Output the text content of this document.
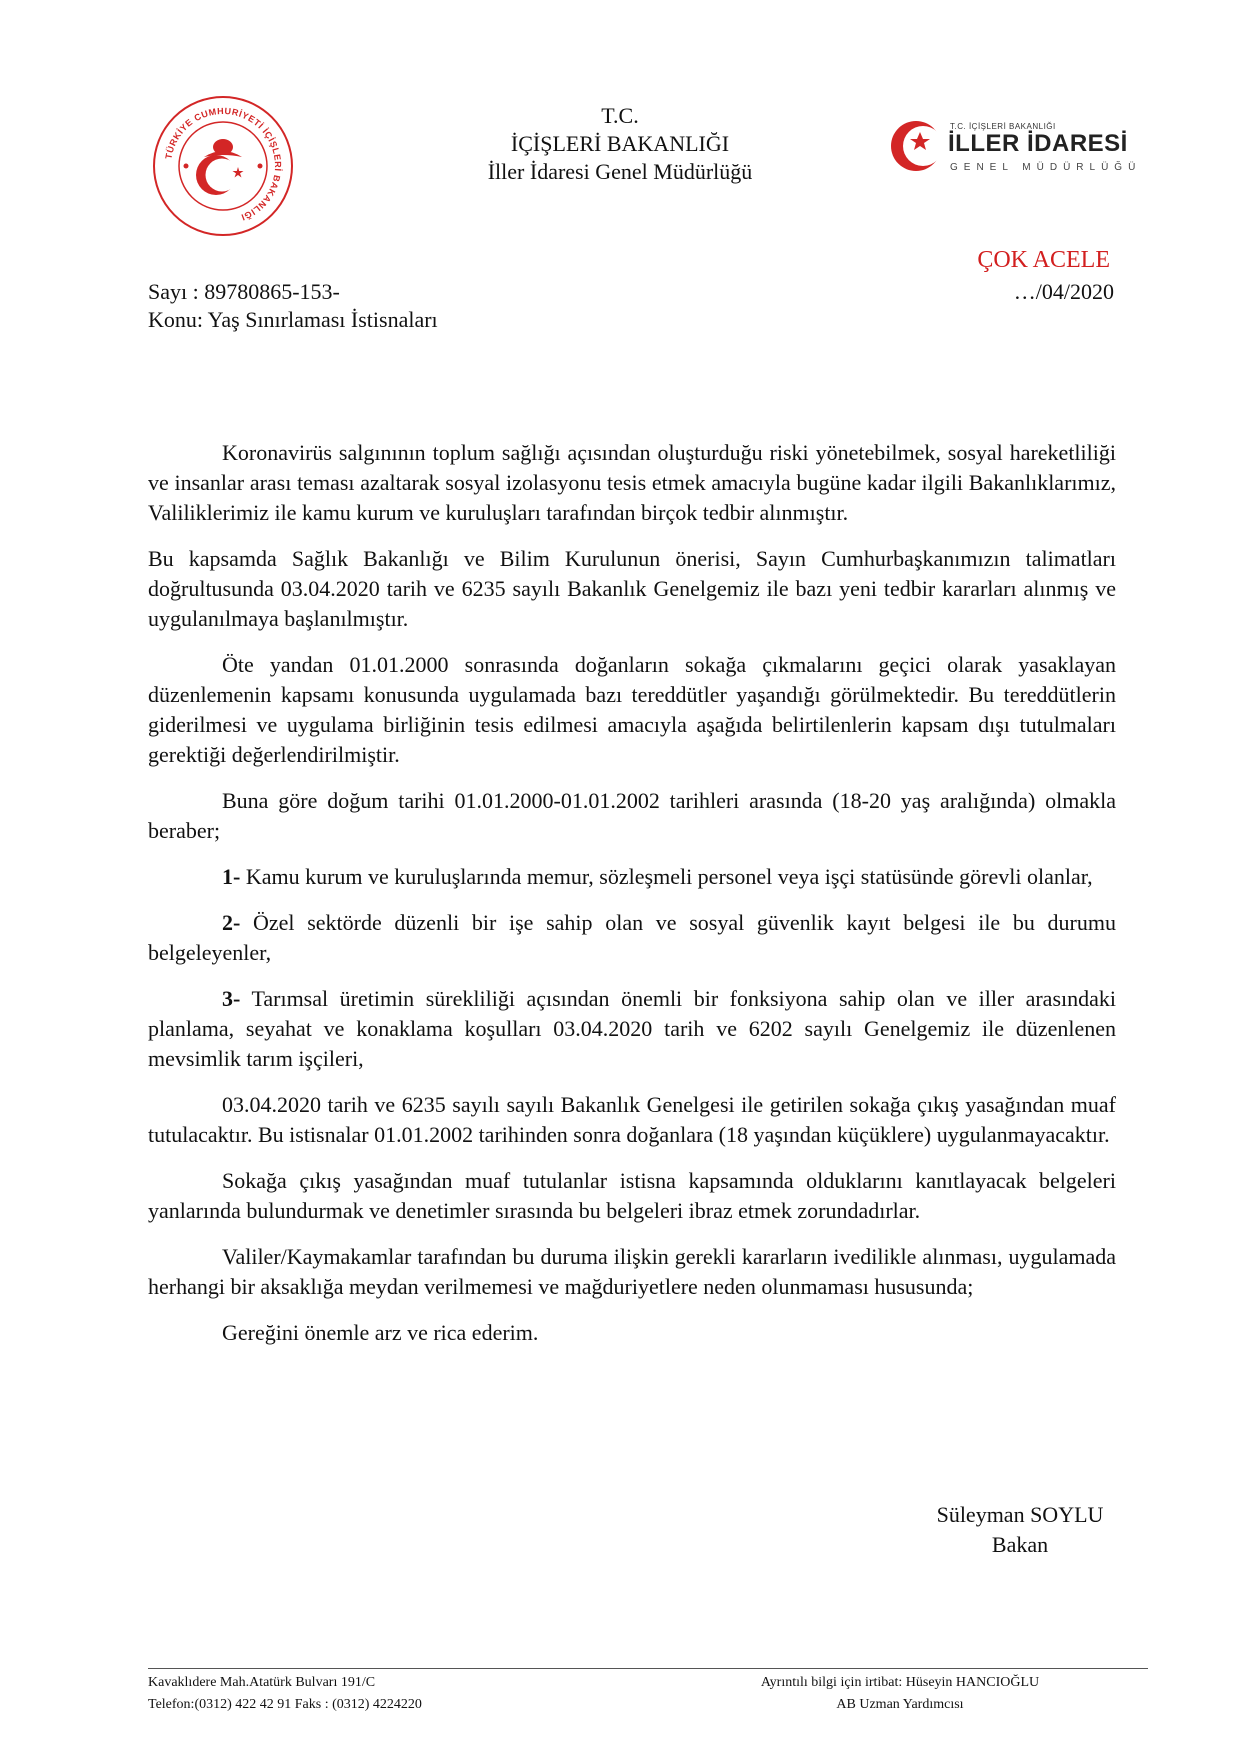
TÜRKİYE CUMHURİYETİ İÇİŞLERİ BAKANLIĞI
T.C.
İÇİŞLERİ BAKANLIĞI
İller İdaresi Genel Müdürlüğü
T.C. İÇİŞLERİ BAKANLIĞI
İLLER İDARESİ
GENEL MÜDÜRLÜĞÜ
ÇOK ACELE
Sayı : 89780865-153-	…/04/2020
Konu: Yaş Sınırlaması İstisnaları

Koronavirüs salgınının toplum sağlığı açısından oluşturduğu riski yönetebilmek, sosyal hareketliliği ve insanlar arası teması azaltarak sosyal izolasyonu tesis etmek amacıyla bugüne kadar ilgili Bakanlıklarımız, Valiliklerimiz ile kamu kurum ve kuruluşları tarafından birçok tedbir alınmıştır.

Bu kapsamda Sağlık Bakanlığı ve Bilim Kurulunun önerisi, Sayın Cumhurbaşkanımızın talimatları doğrultusunda 03.04.2020 tarih ve 6235 sayılı Bakanlık Genelgemiz ile bazı yeni tedbir kararları alınmış ve uygulanılmaya başlanılmıştır.

Öte yandan 01.01.2000 sonrasında doğanların sokağa çıkmalarını geçici olarak yasaklayan düzenlemenin kapsamı konusunda uygulamada bazı tereddütler yaşandığı görülmektedir. Bu tereddütlerin giderilmesi ve uygulama birliğinin tesis edilmesi amacıyla aşağıda belirtilenlerin kapsam dışı tutulmaları gerektiği değerlendirilmiştir.

Buna göre doğum tarihi 01.01.2000-01.01.2002 tarihleri arasında (18-20 yaş aralığında) olmakla beraber;

1- Kamu kurum ve kuruluşlarında memur, sözleşmeli personel veya işçi statüsünde görevli olanlar,

2- Özel sektörde düzenli bir işe sahip olan ve sosyal güvenlik kayıt belgesi ile bu durumu belgeleyenler,

3- Tarımsal üretimin sürekliliği açısından önemli bir fonksiyona sahip olan ve iller arasındaki planlama, seyahat ve konaklama koşulları 03.04.2020 tarih ve 6202 sayılı Genelgemiz ile düzenlenen mevsimlik tarım işçileri,

03.04.2020 tarih ve 6235 sayılı sayılı Bakanlık Genelgesi ile getirilen sokağa çıkış yasağından muaf tutulacaktır. Bu istisnalar 01.01.2002 tarihinden sonra doğanlara (18 yaşından küçüklere) uygulanmayacaktır.

Sokağa çıkış yasağından muaf tutulanlar istisna kapsamında olduklarını kanıtlayacak belgeleri yanlarında bulundurmak ve denetimler sırasında bu belgeleri ibraz etmek zorundadırlar.

Valiler/Kaymakamlar tarafından bu duruma ilişkin gerekli kararların ivedilikle alınması, uygulamada herhangi bir aksaklığa meydan verilmemesi ve mağduriyetlere neden olunmaması hususunda;

Gereğini önemle arz ve rica ederim.

Süleyman SOYLU
Bakan
Kavaklıdere Mah.Atatürk Bulvarı 191/C
Telefon:(0312) 422 42 91 Faks : (0312) 4224220
Ayrıntılı bilgi için irtibat: Hüseyin HANCIOĞLU
AB Uzman Yardımcısı
